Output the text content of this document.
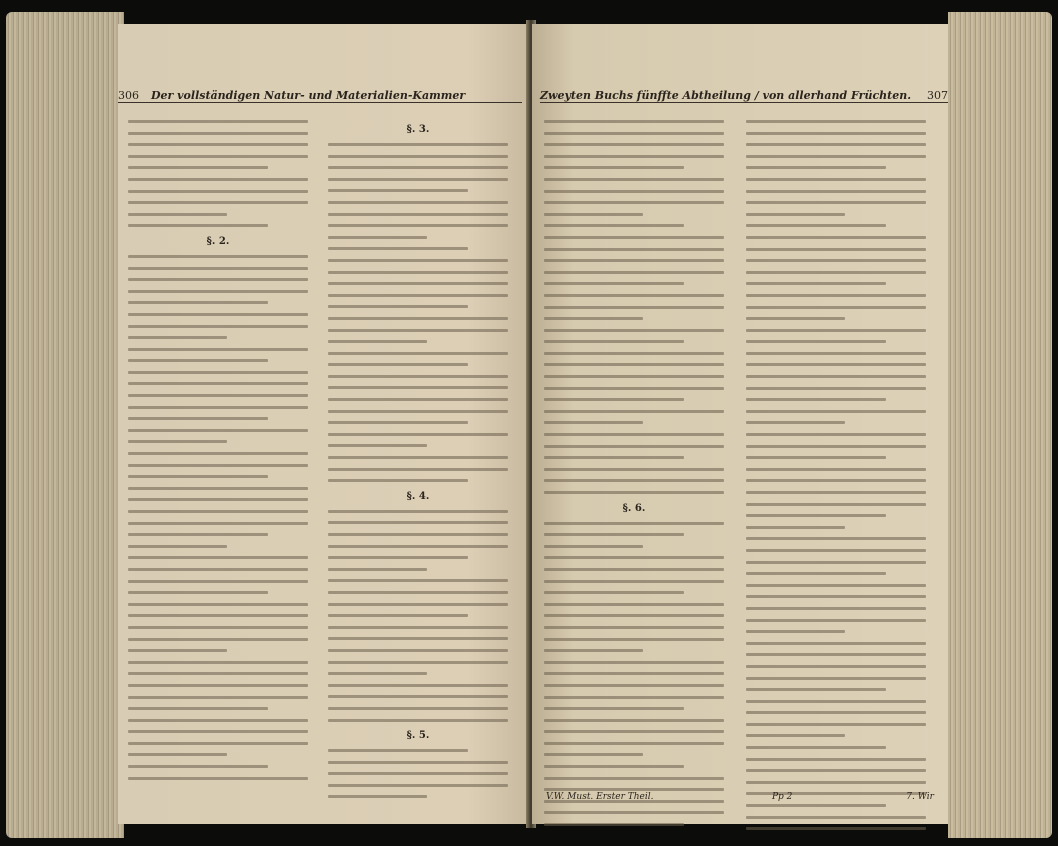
306 Der vollständigen Natur- und Materialien-Kammer
§. 2.
§. 3.
§. 4.
§. 5.
Zweyten Buchs fünffte Abtheilung / von allerhand Früchten.	307
§. 6.
V.W. Must. Erster Theil.	Pp 2	7. Wir
